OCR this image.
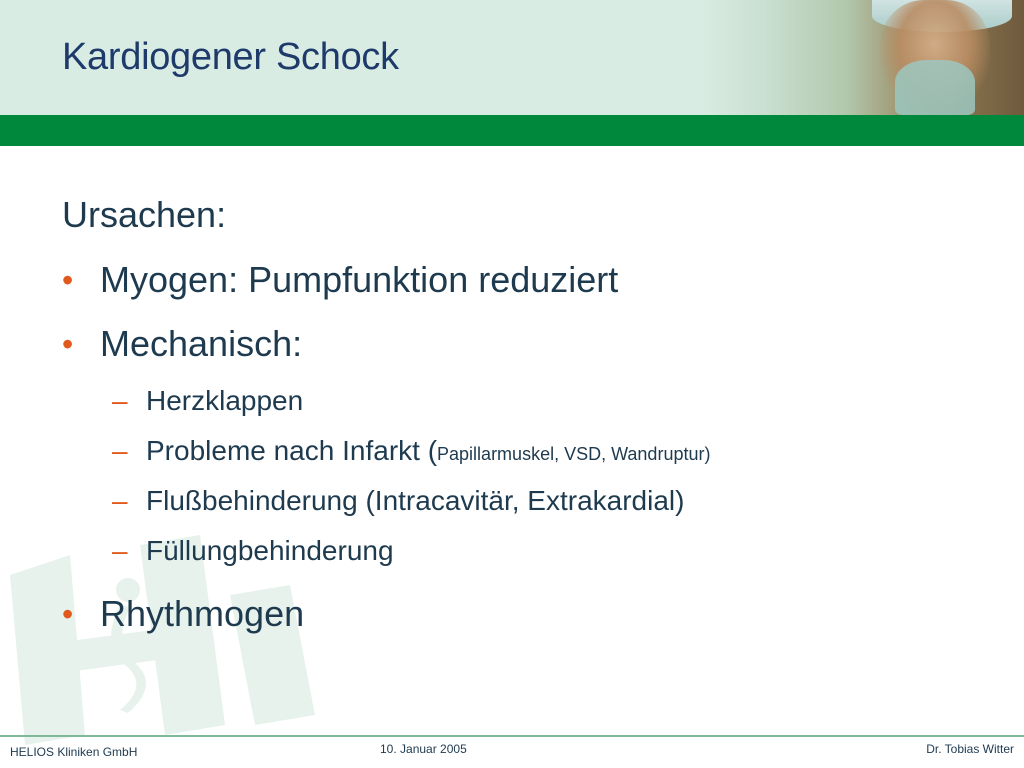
Kardiogener Schock
Ursachen:
• Myogen: Pumpfunktion reduziert
• Mechanisch:
– Herzklappen
– Probleme nach Infarkt (Papillarmuskel, VSD, Wandruptur)
– Flußbehinderung (Intracavitär, Extrakardial)
– Füllungbehinderung
• Rhythmogen
HELIOS Kliniken GmbH	10. Januar 2005	Dr. Tobias Witter
